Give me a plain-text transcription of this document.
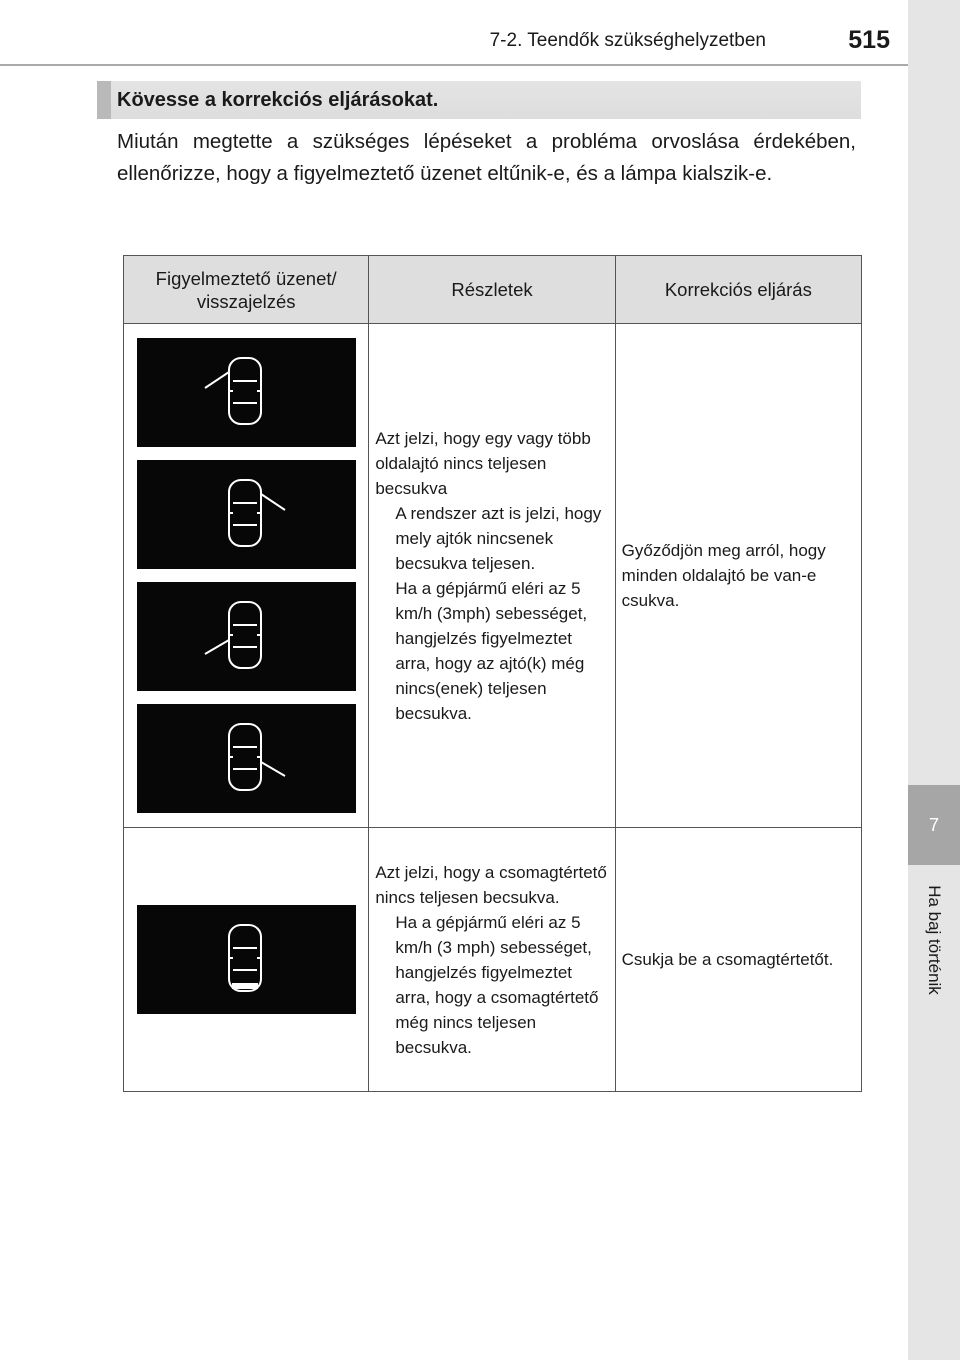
7-2. Teendők szükséghelyzetben	515
7
Ha baj történik
Kövesse a korrekciós eljárásokat.
Miután megtette a szükséges lépéseket a probléma orvoslása érdekében, ellenőrizze, hogy a figyelmeztető üzenet eltűnik-e, és a lámpa kialszik-e.
Figyelmeztető üzenet/ visszajelzés	Részletek	Korrekciós eljárás

Azt jelzi, hogy egy vagy több oldalajtó nincs teljesen becsukva
A rendszer azt is jelzi, hogy mely ajtók nincsenek becsukva teljesen.
Ha a gépjármű eléri az 5 km/h (3mph) sebességet, hangjelzés figyelmeztet arra, hogy az ajtó(k) még nincs(enek) teljesen becsukva.	Győződjön meg arról, hogy minden oldalajtó be van-e csukva.

Azt jelzi, hogy a csomagtértető nincs teljesen becsukva.
Ha a gépjármű eléri az 5 km/h (3 mph) sebességet, hangjelzés figyelmeztet arra, hogy a csomagtértető még nincs teljesen becsukva.	Csukja be a csomagtértetőt.
